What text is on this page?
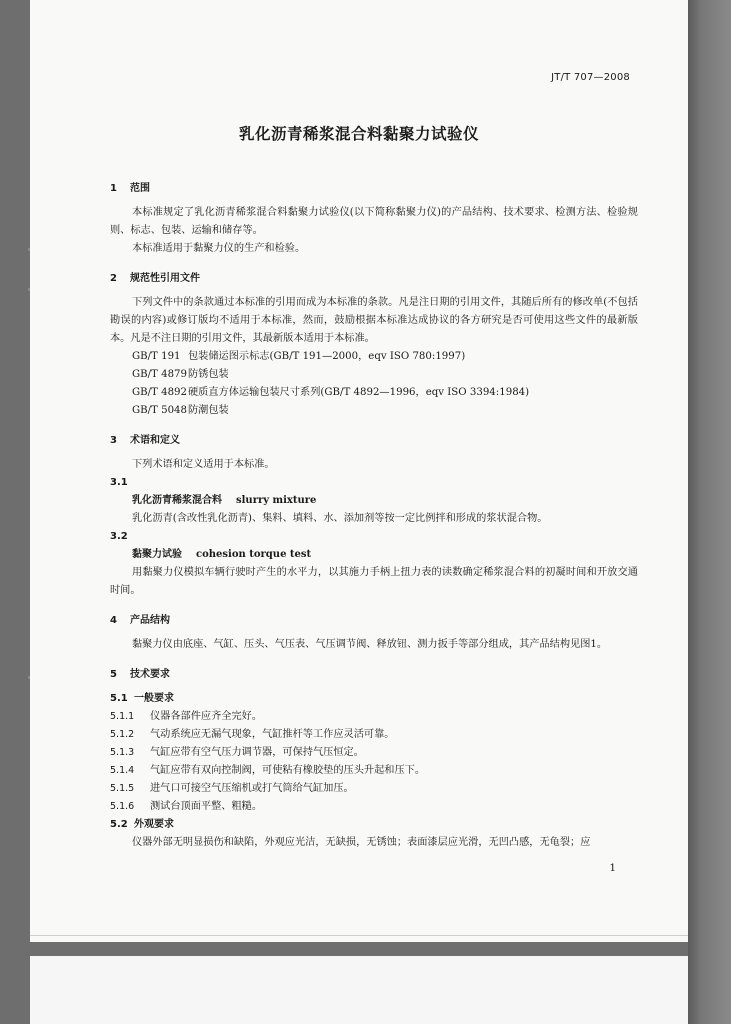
JT/T 707—2008
乳化沥青稀浆混合料黏聚力试验仪
1 范围
本标准规定了乳化沥青稀浆混合料黏聚力试验仪(以下简称黏聚力仪)的产品结构、技术要求、检测方法、检验规则、标志、包装、运输和储存等。
本标准适用于黏聚力仪的生产和检验。
2 规范性引用文件
下列文件中的条款通过本标准的引用而成为本标准的条款。凡是注日期的引用文件，其随后所有的修改单(不包括勘误的内容)或修订版均不适用于本标准，然而，鼓励根据本标准达成协议的各方研究是否可使用这些文件的最新版本。凡是不注日期的引用文件，其最新版本适用于本标准。
GB/T 191 包装储运图示标志(GB/T 191—2000，eqv ISO 780:1997)
GB/T 4879防锈包装
GB/T 4892硬质直方体运输包装尺寸系列(GB/T 4892—1996，eqv ISO 3394:1984)
GB/T 5048防潮包装
3 术语和定义
下列术语和定义适用于本标准。
3.1
乳化沥青稀浆混合料 slurry mixture
乳化沥青(含改性乳化沥青)、集料、填料、水、添加剂等按一定比例拌和形成的浆状混合物。
3.2
黏聚力试验 cohesion torque test
用黏聚力仪模拟车辆行驶时产生的水平力，以其施力手柄上扭力表的读数确定稀浆混合料的初凝时间和开放交通时间。
4 产品结构
黏聚力仪由底座、气缸、压头、气压表、气压调节阀、释放钮、测力扳手等部分组成，其产品结构见图1。
5 技术要求
5.1 一般要求
5.1.1 仪器各部件应齐全完好。
5.1.2 气动系统应无漏气现象，气缸推杆等工作应灵活可靠。
5.1.3 气缸应带有空气压力调节器，可保持气压恒定。
5.1.4 气缸应带有双向控制阀，可使粘有橡胶垫的压头升起和压下。
5.1.5 进气口可接空气压缩机或打气筒给气缸加压。
5.1.6 测试台顶面平整、粗糙。
5.2 外观要求
仪器外部无明显损伤和缺陷，外观应光洁，无缺损，无锈蚀；表面漆层应光滑，无凹凸感，无龟裂；应
1
